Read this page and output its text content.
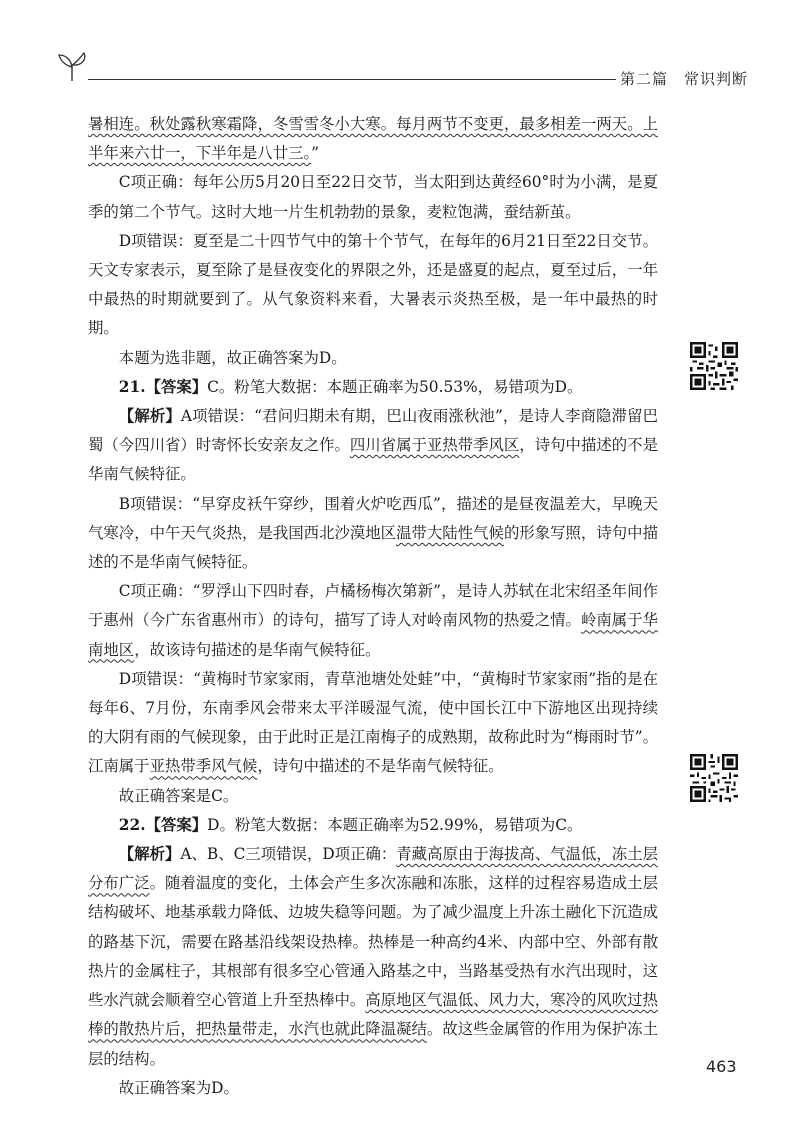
第二篇　常识判断

暑相连。秋处露秋寒霜降，冬雪雪冬小大寒。每月两节不变更，最多相差一两天。上半年来六廿一，下半年是八廿三。”

C项正确：每年公历5月20日至22日交节，当太阳到达黄经60°时为小满，是夏季的第二个节气。这时大地一片生机勃勃的景象，麦粒饱满，蚕结新茧。

D项错误：夏至是二十四节气中的第十个节气，在每年的6月21日至22日交节。天文专家表示，夏至除了是昼夜变化的界限之外，还是盛夏的起点，夏至过后，一年中最热的时期就要到了。从气象资料来看，大暑表示炎热至极，是一年中最热的时期。

本题为选非题，故正确答案为D。

21.【答案】C。粉笔大数据：本题正确率为50.53%，易错项为D。

【解析】A项错误：“君问归期未有期，巴山夜雨涨秋池”，是诗人李商隐滞留巴蜀（今四川省）时寄怀长安亲友之作。四川省属于亚热带季风区，诗句中描述的不是华南气候特征。

B项错误：“早穿皮袄午穿纱，围着火炉吃西瓜”，描述的是昼夜温差大，早晚天气寒冷，中午天气炎热，是我国西北沙漠地区温带大陆性气候的形象写照，诗句中描述的不是华南气候特征。

C项正确：“罗浮山下四时春，卢橘杨梅次第新”，是诗人苏轼在北宋绍圣年间作于惠州（今广东省惠州市）的诗句，描写了诗人对岭南风物的热爱之情。岭南属于华南地区，故该诗句描述的是华南气候特征。

D项错误：“黄梅时节家家雨，青草池塘处处蛙”中，“黄梅时节家家雨”指的是在每年6、7月份，东南季风会带来太平洋暖湿气流，使中国长江中下游地区出现持续的大阴有雨的气候现象，由于此时正是江南梅子的成熟期，故称此时为“梅雨时节”。江南属于亚热带季风气候，诗句中描述的不是华南气候特征。

故正确答案是C。

22.【答案】D。粉笔大数据：本题正确率为52.99%，易错项为C。

【解析】A、B、C三项错误，D项正确：青藏高原由于海拔高、气温低，冻土层分布广泛。随着温度的变化，土体会产生多次冻融和冻胀，这样的过程容易造成土层结构破坏、地基承载力降低、边坡失稳等问题。为了减少温度上升冻土融化下沉造成的路基下沉，需要在路基沿线架设热棒。热棒是一种高约4米、内部中空、外部有散热片的金属柱子，其根部有很多空心管通入路基之中，当路基受热有水汽出现时，这些水汽就会顺着空心管道上升至热棒中。高原地区气温低、风力大，寒冷的风吹过热棒的散热片后，把热量带走，水汽也就此降温凝结。故这些金属管的作用为保护冻土层的结构。

故正确答案为D。

463
